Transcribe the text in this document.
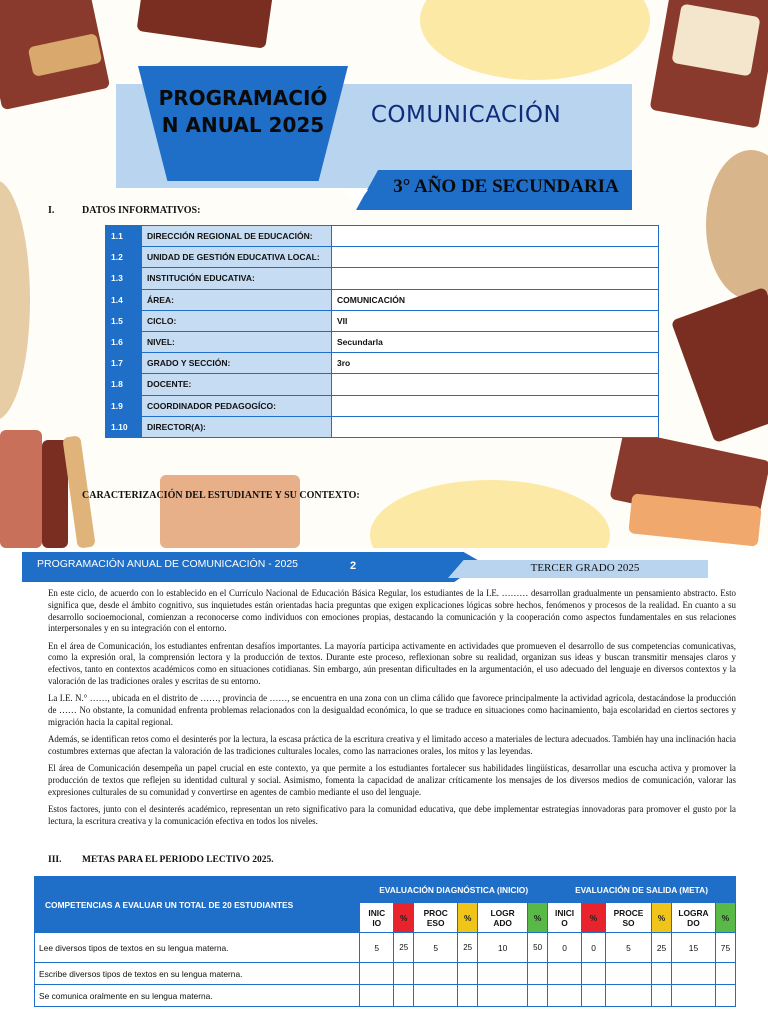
PROGRAMACIÓN ANUAL 2025	COMUNICACIÓN
3° AÑO DE SECUNDARIA
I.	DATOS INFORMATIVOS:
1.1	DIRECCIÓN REGIONAL DE EDUCACIÓN:	
1.2	UNIDAD DE GESTIÓN EDUCATIVA LOCAL:	
1.3	INSTITUCIÓN EDUCATIVA:	
1.4	ÁREA:	COMUNICACIÓN
1.5	CICLO:	VII
1.6	NIVEL:	Secundarla
1.7	GRADO Y SECCIÓN:	3ro
1.8	DOCENTE:	
1.9	COORDINADOR PEDAGOGÍCO:	
1.10	DIRECTOR(A):	
CARACTERIZACIÓN DEL ESTUDIANTE Y SU CONTEXTO:
PROGRAMACIÓN ANUAL DE COMUNICACIÓN - 2025	2	TERCER GRADO 2025

En este ciclo, de acuerdo con lo establecido en el Currículo Nacional de Educación Básica Regular, los estudiantes de la I.E. ……… desarrollan gradualmente un pensamiento abstracto. Esto significa que, desde el ámbito cognitivo, sus inquietudes están orientadas hacia preguntas que exigen explicaciones lógicas sobre hechos, fenómenos y procesos de la realidad. En cuanto a su desarrollo socioemocional, comienzan a reconocerse como individuos con emociones propias, destacando la comunicación y la cooperación como aspectos fundamentales en sus relaciones interpersonales y en su integración con el entorno.

En el área de Comunicación, los estudiantes enfrentan desafíos importantes. La mayoría participa activamente en actividades que promueven el desarrollo de sus competencias comunicativas, como la expresión oral, la comprensión lectora y la producción de textos. Durante este proceso, reflexionan sobre su realidad, organizan sus ideas y buscan transmitir mensajes claros y efectivos, tanto en contextos académicos como en situaciones cotidianas. Sin embargo, aún presentan dificultades en la argumentación, el uso adecuado del lenguaje en diversos contextos y la valoración de las tradiciones orales y escritas de su entorno.

La I.E. N.° ……, ubicada en el distrito de ……, provincia de ……, se encuentra en una zona con un clima cálido que favorece principalmente la actividad agrícola, destacándose la producción de …… No obstante, la comunidad enfrenta problemas relacionados con la desigualdad económica, lo que se traduce en situaciones como hacinamiento, baja escolaridad en ciertos sectores y migración hacia la capital regional.

Además, se identifican retos como el desinterés por la lectura, la escasa práctica de la escritura creativa y el limitado acceso a materiales de lectura adecuados. También hay una inclinación hacia costumbres externas que afectan la valoración de las tradiciones culturales locales, como las narraciones orales, los mitos y las leyendas.

El área de Comunicación desempeña un papel crucial en este contexto, ya que permite a los estudiantes fortalecer sus habilidades lingüísticas, desarrollar una escucha activa y promover la producción de textos que reflejen su identidad cultural y social. Asimismo, fomenta la capacidad de analizar críticamente los mensajes de los diversos medios de comunicación, valorar las expresiones culturales de su comunidad y convertirse en agentes de cambio mediante el uso del lenguaje.

Estos factores, junto con el desinterés académico, representan un reto significativo para la comunidad educativa, que debe implementar estrategias innovadoras para promover el gusto por la lectura, la escritura creativa y la comunicación efectiva en todos los niveles.

III. METAS PARA EL PERIODO LECTIVO 2025.
COMPETENCIAS A EVALUAR UN TOTAL DE 20 ESTUDIANTES	EVALUACIÓN DIAGNÓSTICA (INICIO)						EVALUACIÓN DE SALIDA (META)					
	INIC IO	%	PROC ESO	%	LOGR ADO	%	INICI O	%	PROCE SO	%	LOGRA DO	%
Lee diversos tipos de textos en su lengua materna.	5	25	5	25	10	50	0	0	5	25	15	75
Escribe diversos tipos de textos en su lengua materna.												
Se comunica oralmente en su lengua materna.												
